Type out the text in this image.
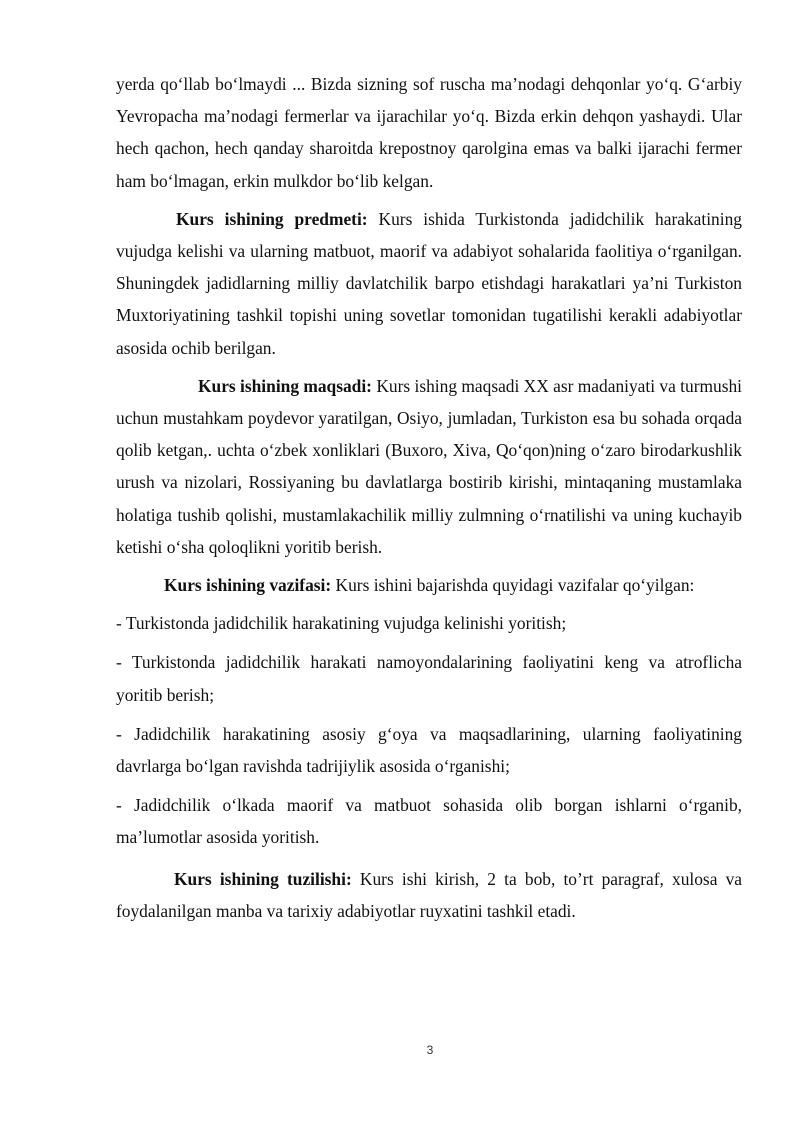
yerda qo‘llab bo‘lmaydi ... Bizda sizning sof ruscha ma’nodagi dehqonlar yo‘q. G‘arbiy Yevropacha ma’nodagi fermerlar va ijarachilar yo‘q. Bizda erkin dehqon yashaydi. Ular hech qachon, hech qanday sharoitda krepostnoy qarolgina emas va balki ijarachi fermer ham bo‘lmagan, erkin mulkdor bo‘lib kelgan.

Kurs ishining predmeti: Kurs ishida Turkistonda jadidchilik harakatining vujudga kelishi va ularning matbuot, maorif va adabiyot sohalarida faolitiya o‘rganilgan. Shuningdek jadidlarning milliy davlatchilik barpo etishdagi harakatlari ya’ni Turkiston Muxtoriyatining tashkil topishi uning sovetlar tomonidan tugatilishi kerakli adabiyotlar asosida ochib berilgan.

Kurs ishining maqsadi: Kurs ishing maqsadi XX asr madaniyati va turmushi uchun mustahkam poydevor yaratilgan, Osiyo, jumladan, Turkiston esa bu sohada orqada qolib ketgan,. uchta o‘zbek xonliklari (Buxoro, Xiva, Qo‘qon)ning o‘zaro birodarkushlik urush va nizolari, Rossiyaning bu davlatlarga bostirib kirishi, mintaqaning mustamlaka holatiga tushib qolishi, mustamlakachilik milliy zulmning o‘rnatilishi va uning kuchayib ketishi o‘sha qoloqlikni yoritib berish.

Kurs ishining vazifasi: Kurs ishini bajarishda quyidagi vazifalar qo‘yilgan:

- Turkistonda jadidchilik harakatining vujudga kelinishi yoritish;

- Turkistonda jadidchilik harakati namoyondalarining faoliyatini keng va atroflicha yoritib berish;

- Jadidchilik harakatining asosiy g‘oya va maqsadlarining, ularning faoliyatining davrlarga bo‘lgan ravishda tadrijiylik asosida o‘rganishi;

- Jadidchilik o‘lkada maorif va matbuot sohasida olib borgan ishlarni o‘rganib, ma’lumotlar asosida yoritish.

Kurs ishining tuzilishi: Kurs ishi kirish, 2 ta bob, to’rt paragraf, xulosa va foydalanilgan manba va tarixiy adabiyotlar ruyxatini tashkil etadi.

3
